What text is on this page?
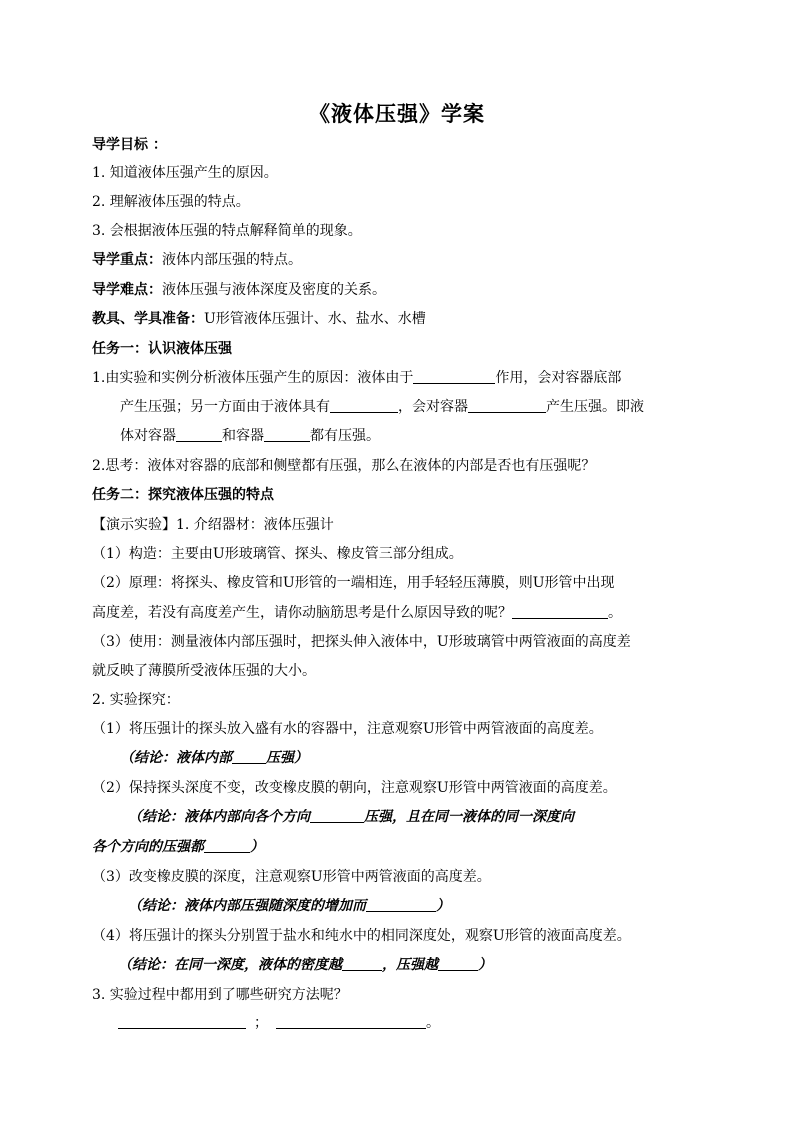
《液体压强》学案
导学目标 ：
1. 知道液体压强产生的原因。
2. 理解液体压强的特点。
3. 会根据液体压强的特点解释简单的现象。
导学重点：液体内部压强的特点。
导学难点：液体压强与液体深度及密度的关系。
教具、学具准备：U形管液体压强计、水、盐水、水槽
任务一：认识液体压强
1.由实验和实例分析液体压强产生的原因：液体由于	作用，会对容器底部
产生压强；另一方面由于液体具有	，会对容器	产生压强。即液
体对容器	和容器	都有压强。
2.思考：液体对容器的底部和侧壁都有压强，那么在液体的内部是否也有压强呢？
任务二：探究液体压强的特点
【演示实验】1. 介绍器材：液体压强计
（1）构造：主要由U形玻璃管、探头、橡皮管三部分组成。
（2）原理：将探头、橡皮管和U形管的一端相连，用手轻轻压薄膜，则U形管中出现
高度差，若没有高度差产生，请你动脑筋思考是什么原因导致的呢？	。
（3）使用：测量液体内部压强时，把探头伸入液体中，U形玻璃管中两管液面的高度差
就反映了薄膜所受液体压强的大小。
2. 实验探究：
（1）将压强计的探头放入盛有水的容器中，注意观察U形管中两管液面的高度差。
（结论：液体内部 压强）
（2）保持探头深度不变，改变橡皮膜的朝向，注意观察U形管中两管液面的高度差。
（结论：液体内部向各个方向	压强，且在同一液体的同一深度向
各个方向的压强都	）
（3）改变橡皮膜的深度，注意观察U形管中两管液面的高度差。
（结论：液体内部压强随深度的增加而	）
（4）将压强计的探头分别置于盐水和纯水中的相同深度处，观察U形管的液面高度差。
（结论：在同一深度，液体的密度越	，压强越	）
3. 实验过程中都用到了哪些研究方法呢？
；	。
